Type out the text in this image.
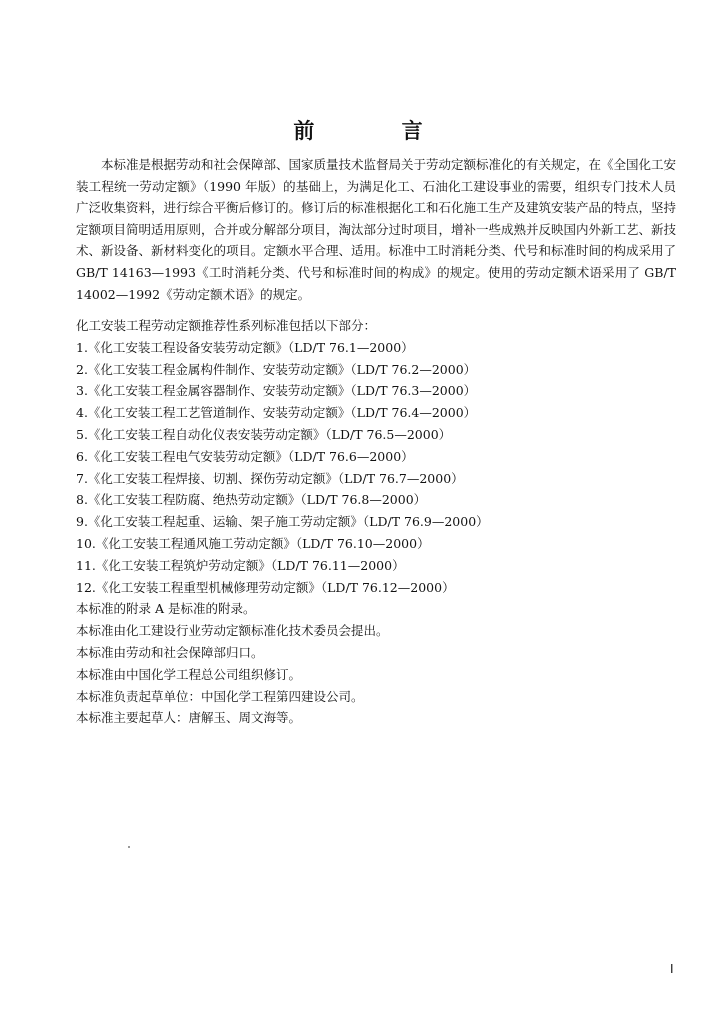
前 言

本标准是根据劳动和社会保障部、国家质量技术监督局关于劳动定额标准化的有关规定，在《全国化工安装工程统一劳动定额》（1990 年版）的基础上，为满足化工、石油化工建设事业的需要，组织专门技术人员广泛收集资料，进行综合平衡后修订的。修订后的标准根据化工和石化施工生产及建筑安装产品的特点，坚持定额项目简明适用原则，合并或分解部分项目，淘汰部分过时项目，增补一些成熟并反映国内外新工艺、新技术、新设备、新材料变化的项目。定额水平合理、适用。标准中工时消耗分类、代号和标准时间的构成采用了 GB/T 14163—1993《工时消耗分类、代号和标准时间的构成》的规定。使用的劳动定额术语采用了 GB/T 14002—1992《劳动定额术语》的规定。

化工安装工程劳动定额推荐性系列标准包括以下部分：
1.《化工安装工程设备安装劳动定额》（LD/T 76.1—2000）
2.《化工安装工程金属构件制作、安装劳动定额》（LD/T 76.2—2000）
3.《化工安装工程金属容器制作、安装劳动定额》（LD/T 76.3—2000）
4.《化工安装工程工艺管道制作、安装劳动定额》（LD/T 76.4—2000）
5.《化工安装工程自动化仪表安装劳动定额》（LD/T 76.5—2000）
6.《化工安装工程电气安装劳动定额》（LD/T 76.6—2000）
7.《化工安装工程焊接、切割、探伤劳动定额》（LD/T 76.7—2000）
8.《化工安装工程防腐、绝热劳动定额》（LD/T 76.8—2000）
9.《化工安装工程起重、运输、架子施工劳动定额》（LD/T 76.9—2000）
10.《化工安装工程通风施工劳动定额》（LD/T 76.10—2000）
11.《化工安装工程筑炉劳动定额》（LD/T 76.11—2000）
12.《化工安装工程重型机械修理劳动定额》（LD/T 76.12—2000）
本标准的附录 A 是标准的附录。
本标准由化工建设行业劳动定额标准化技术委员会提出。
本标准由劳动和社会保障部归口。
本标准由中国化学工程总公司组织修订。
本标准负责起草单位：中国化学工程第四建设公司。
本标准主要起草人：唐解玉、周文海等。
I
